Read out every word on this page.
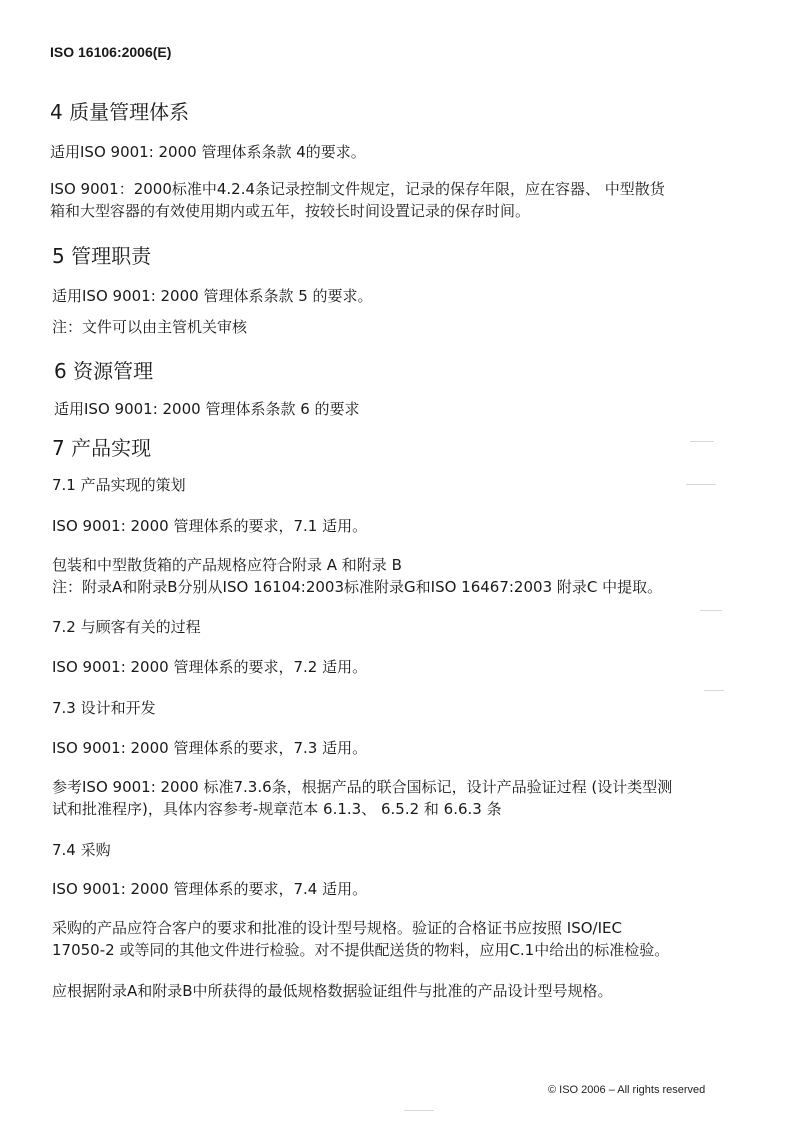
ISO 16106:2006(E)
4 质量管理体系
适用ISO 9001: 2000 管理体系条款 4的要求。
ISO 9001：2000标准中4.2.4条记录控制文件规定，记录的保存年限，应在容器、 中型散货
箱和大型容器的有效使用期内或五年，按较长时间设置记录的保存时间。
5 管理职责
适用ISO 9001: 2000 管理体系条款 5 的要求。
注：文件可以由主管机关审核
6 资源管理
适用ISO 9001: 2000 管理体系条款 6 的要求
7 产品实现
7.1 产品实现的策划
ISO 9001: 2000 管理体系的要求，7.1 适用。
包装和中型散货箱的产品规格应符合附录 A 和附录 B
注：附录A和附录B分别从ISO 16104:2003标准附录G和ISO 16467:2003 附录C 中提取。
7.2 与顾客有关的过程
ISO 9001: 2000 管理体系的要求，7.2 适用。
7.3 设计和开发
ISO 9001: 2000 管理体系的要求，7.3 适用。
参考ISO 9001: 2000 标准7.3.6条，根据产品的联合国标记，设计产品验证过程 (设计类型测
试和批准程序)，具体内容参考-规章范本 6.1.3、 6.5.2 和 6.6.3 条
7.4 采购
ISO 9001: 2000 管理体系的要求，7.4 适用。
采购的产品应符合客户的要求和批准的设计型号规格。验证的合格证书应按照 ISO/IEC
17050-2 或等同的其他文件进行检验。对不提供配送货的物料，应用C.1中给出的标准检验。
应根据附录A和附录B中所获得的最低规格数据验证组件与批准的产品设计型号规格。
© ISO 2006 – All rights reserved
